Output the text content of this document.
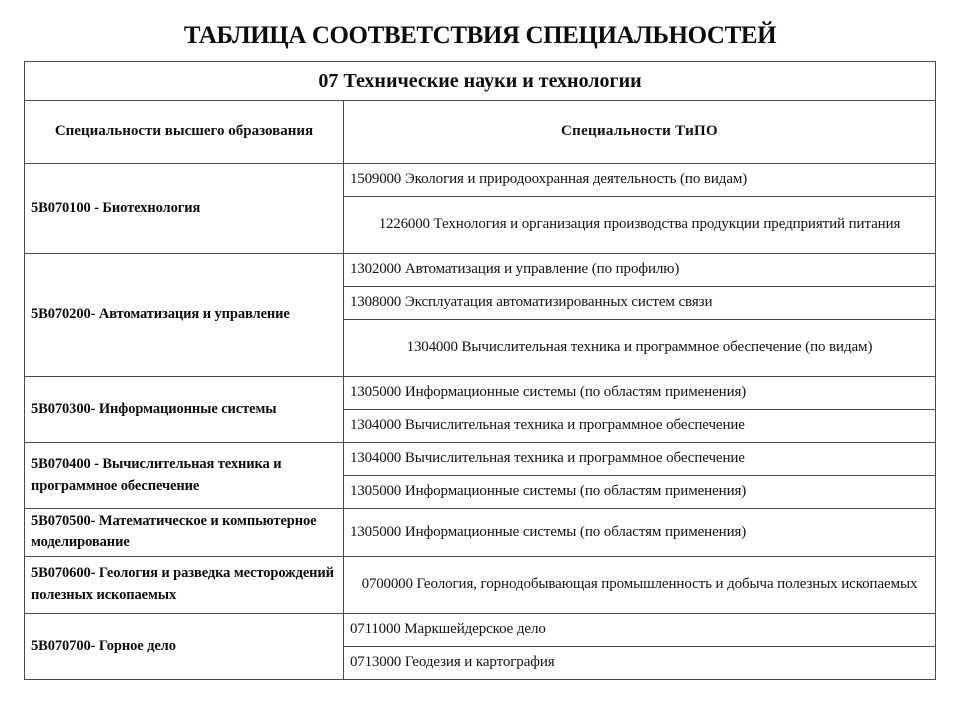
ТАБЛИЦА СООТВЕТСТВИЯ СПЕЦИАЛЬНОСТЕЙ
07 Технические науки и технологии	
Специальности высшего образования	Специальности ТиПО
5В070100 - Биотехнология	1509000 Экология и природоохранная деятельность (по видам)
	1226000 Технология и организация производства продукции предприятий питания
5В070200- Автоматизация и управление	1302000 Автоматизация и управление (по профилю)
	1308000 Эксплуатация автоматизированных систем связи
	1304000 Вычислительная техника и программное обеспечение (по видам)
5В070300- Информационные системы	1305000 Информационные системы (по областям применения)
	1304000 Вычислительная техника и программное обеспечение
5В070400 - Вычислительная техника и программное обеспечение	1304000 Вычислительная техника и программное обеспечение
	1305000 Информационные системы (по областям применения)
5В070500- Математическое и компьютерное моделирование	1305000 Информационные системы (по областям применения)
5В070600- Геология и разведка месторождений полезных ископаемых	0700000 Геология, горнодобывающая промышленность и добыча полезных ископаемых
5В070700- Горное дело	0711000 Маркшейдерское дело
	0713000 Геодезия и картография
